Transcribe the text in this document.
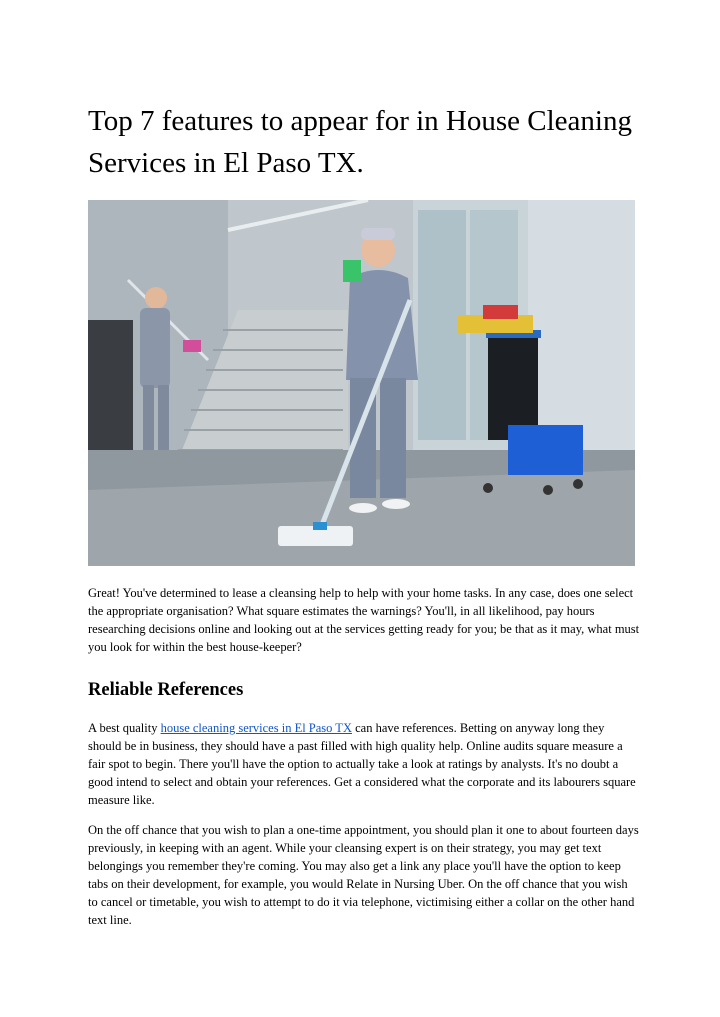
Top 7 features to appear for in House Cleaning Services in El Paso TX.

Great! You've determined to lease a cleansing help to help with your home tasks. In any case, does one select the appropriate organisation? What square estimates the warnings? You'll, in all likelihood, pay hours researching decisions online and looking out at the services getting ready for you; be that as it may, what must you look for within the best house-keeper?

Reliable References

A best quality house cleaning services in El Paso TX can have references. Betting on anyway long they should be in business, they should have a past filled with high quality help. Online audits square measure a fair spot to begin. There you'll have the option to actually take a look at ratings by analysts. It's no doubt a good intend to select and obtain your references. Get a considered what the corporate and its labourers square measure like.

On the off chance that you wish to plan a one-time appointment, you should plan it one to about fourteen days previously, in keeping with an agent. While your cleansing expert is on their strategy, you may get text belongings you remember they're coming. You may also get a link any place you'll have the option to keep tabs on their development, for example, you would Relate in Nursing Uber. On the off chance that you wish to cancel or timetable, you wish to attempt to do it via telephone, victimising either a collar on the other hand text line.
